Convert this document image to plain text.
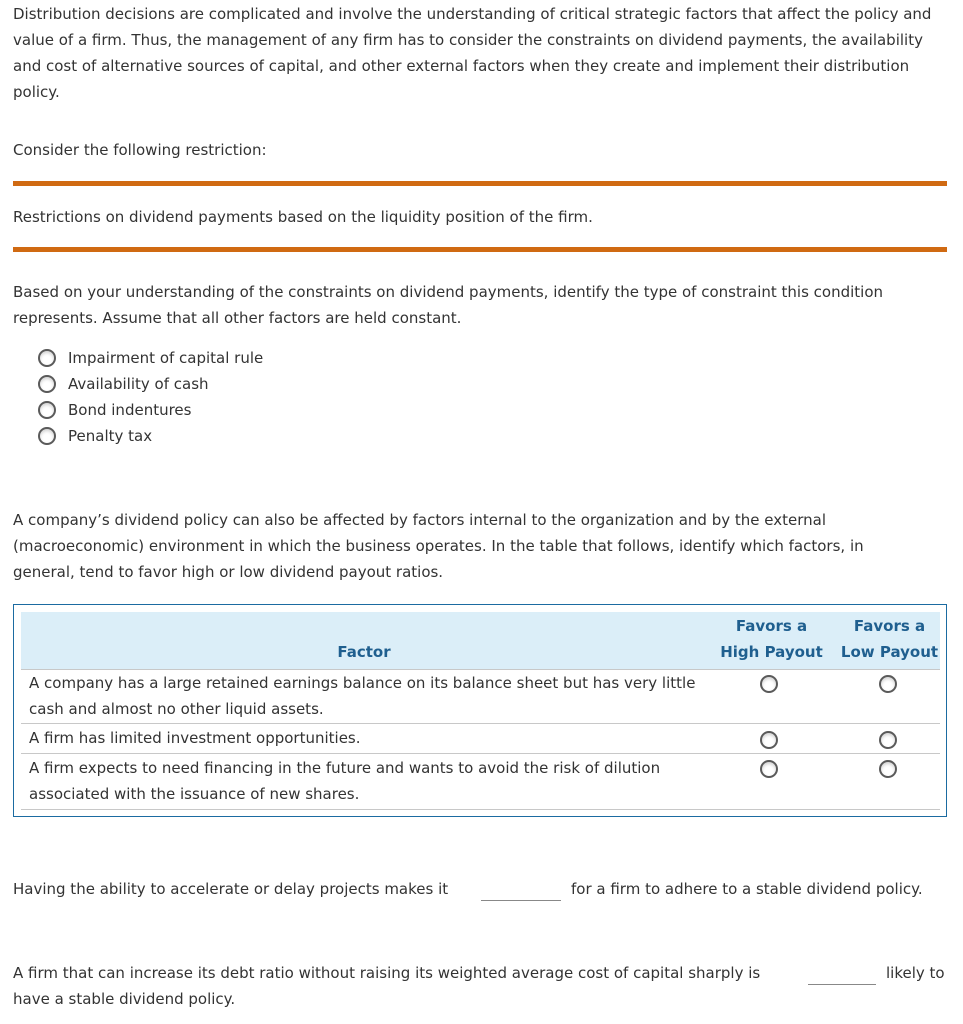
Distribution decisions are complicated and involve the understanding of critical strategic factors that affect the policy and value of a firm. Thus, the management of any firm has to consider the constraints on dividend payments, the availability and cost of alternative sources of capital, and other external factors when they create and implement their distribution policy.
Consider the following restriction:
Restrictions on dividend payments based on the liquidity position of the firm.
Based on your understanding of the constraints on dividend payments, identify the type of constraint this condition represents. Assume that all other factors are held constant.
Impairment of capital rule
Availability of cash
Bond indentures
Penalty tax
A company’s dividend policy can also be affected by factors internal to the organization and by the external (macroeconomic) environment in which the business operates. In the table that follows, identify which factors, in general, tend to favor high or low dividend payout ratios.
Factor
Favors a
High Payout
Favors a
Low Payout
A company has a large retained earnings balance on its balance sheet but has very little cash and almost no other liquid assets.
A firm has limited investment opportunities.
A firm expects to need financing in the future and wants to avoid the risk of dilution associated with the issuance of new shares.
Having the ability to accelerate or delay projects makes it	for a firm to adhere to a stable dividend policy.
A firm that can increase its debt ratio without raising its weighted average cost of capital sharply is	likely to
have a stable dividend policy.
